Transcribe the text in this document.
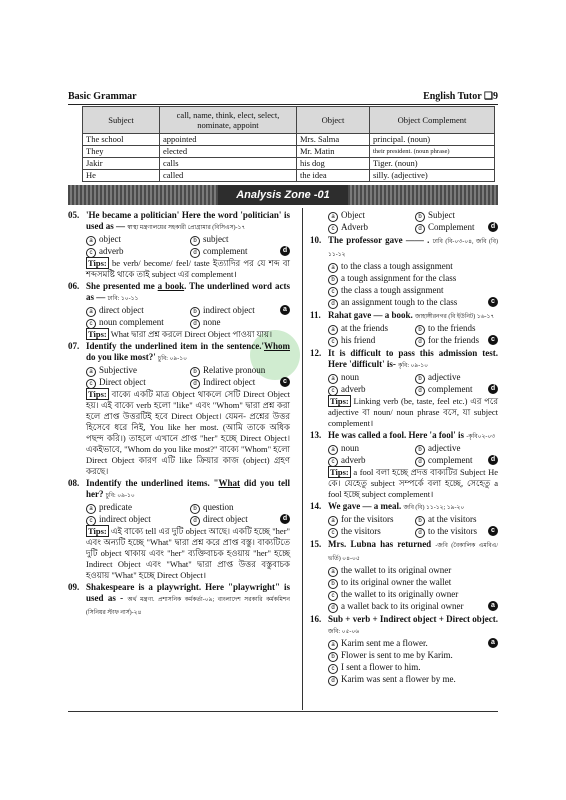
Basic Grammar	English Tutor ❑9
Subject	call, name, think, elect, select, nominate, appoint	Object	Object Complement
The school	appointed	Mrs. Salma	principal. (noun)
They	elected	Mr. Matin	their president. (noun phrase)
Jakir	calls	his dog	Tiger. (noun)
He	called	the idea	silly. (adjective)
Analysis Zone -01
05. 'He became a politician' Here the word 'politician' is used as — স্বাস্থ্য মন্ত্রণালয়ের সহকারী প্রোগ্রামার (বিসিএস)-১৭
a object	b subject
c adverb	d complement	d
Tips: be verb/ become/ feel/ taste ইত্যাদির পর যে শব্দ বা শব্দসমষ্টি থাকে তাই subject এর complement।
06. She presented me a book. The underlined word acts as — ঢাবি: ১০-১১
a direct object	b indirect object	a
c noun complement	d none
Tips: What দ্বারা প্রশ্ন করলে Direct Object পাওয়া যায়।
07. Identify the underlined item in the sentence.'Whom do you like most?' চুবি: ০৯-১০
a Subjective	b Relative pronoun
c Direct object	d Indirect object	c
Tips: বাক্যে একটি মাত্র Object থাকলে সেটি Direct Object হয়। এই বাক্যে verb হলো "like" এবং "Whom" দ্বারা প্রশ্ন করা হলে প্রাপ্ত উত্তরটিই হবে Direct Object। যেমন- প্রশ্নের উত্তর হিসেবে ধরে নিই, You like her most. (আমি তাকে অধিক পছন্দ করি।) তাহলে এখানে প্রাপ্ত "her" হচ্ছে Direct Object। একইভাবে, "Whom do you like most?" বাক্যে "Whom" হলো Direct Object কারণ এটি like ক্রিয়ার কাজ (object) গ্রহণ করছে।
08. Indentify the underlined items. "What did you tell her? চুবি: ০৯-১০
a predicate	b question
c indirect object	d direct object	d
Tips: এই বাক্যে tell এর দুটি object আছে। একটি হচ্ছে "her" এবং অন্যটি হচ্ছে "What" দ্বারা প্রশ্ন করে প্রাপ্ত বস্তু। বাক্যটিতে দুটি object থাকায় এবং "her" ব্যক্তিবাচক হওয়ায় "her" হচ্ছে Indirect Object এবং "What" দ্বারা প্রাপ্ত উত্তর বস্তুবাচক হওয়ায় "What" হচ্ছে Direct Object।
09. Shakespeare is a playwright. Here "playwright" is used as - অর্থ মন্ত্রণা. প্রশাসনিক কর্মকর্তা-০৯; বাংলাদেশ সরকারি কর্মকমিশন (সিনিয়র স্টাফ নার্স)-২৪
a Object	b Subject
c Adverb	d Complement	d
10. The professor gave —— . ঢাবি (বি-০৩-০৪, জবি (বি) ১১-১২
a to the class a tough assignment
b a tough assignment for the class
c the class a tough assignment
d an assignment tough to the class	c
11. Rahat gave — a book. জাহাঙ্গীরনগর (বি ইউনিট) ১৬-১৭
a at the friends	b to the friends
c his friend	d for the friends	c
12. It is difficult to pass this admission test. Here 'difficult' is- কৃবি: ০৯-১০
a noun	b adjective
c adverb	d complement	d
Tips: Linking verb (be, taste, feel etc.) এর পরে adjective বা noun/ noun phrase বসে, যা subject complement।
13. He was called a fool. Here 'a fool' is -কৃবি০২-০৩
a noun	b adjective
c adverb	d complement	d
Tips: a fool বলা হচ্ছে প্রদত্ত বাক্যটির Subject He কে। যেহেতু subject সম্পর্কে বলা হচ্ছে, সেহেতু a fool হচ্ছে subject complement।
14. We gave — a meal. জবি (বি) ১১-১২; ১৯-২০
a for the visitors	b at the visitors
c the visitors	d to the visitors	c
15. Mrs. Lubna has returned -জবি (বৈকালিক এমবিএ/ভর্তি) ০৪-০৫
a the wallet to its original owner
b to its original owner the wallet
c the wallet to its originally owner
d a wallet back to its original owner	a
16. Sub + verb + Indirect object + Direct object. জবি: ০৫-০৬
a Karim sent me a flower.	a
b Flower is sent to me by Karim.
c I sent a flower to him.
d Karim was sent a flower by me.
